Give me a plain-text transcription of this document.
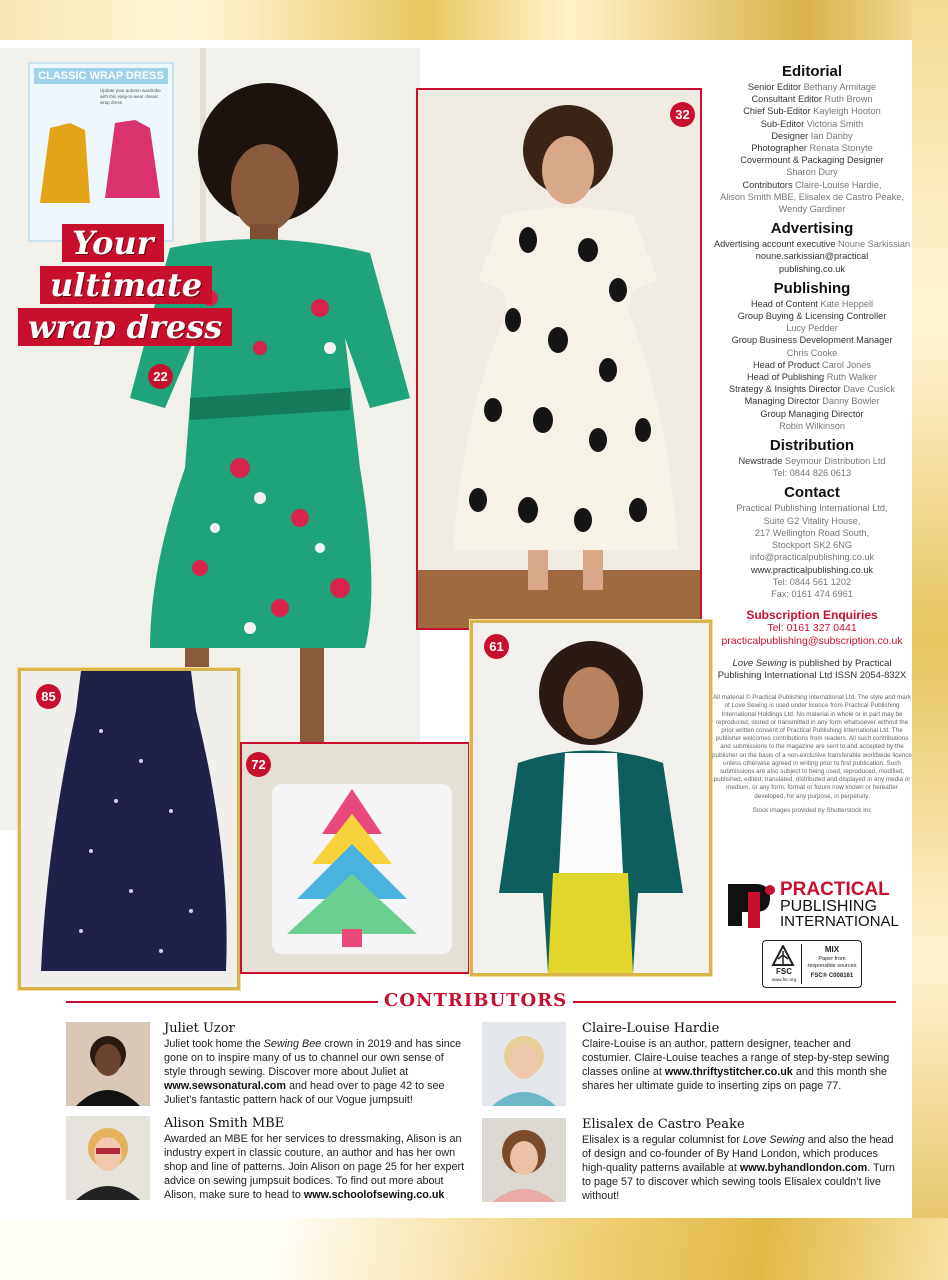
CLASSIC WRAP DRESS
Update your autumn wardrobe with this easy-to-wear classic wrap dress
Your
ultimate
wrap dress
22
32
85
72
61
Editorial
Senior Editor Bethany Armitage
Consultant Editor Ruth Brown
Chief Sub-Editor Kayleigh Hooton
Sub-Editor Victoria Smith
Designer Ian Danby
Photographer Renata Stonyte
Covermount & Packaging Designer
Sharon Dury
Contributors Claire-Louise Hardie,
Alison Smith MBE, Elisalex de Castro Peake,
Wendy Gardiner
Advertising
Advertising account executive Noune Sarkissian
noune.sarkissian@practical
publishing.co.uk
Publishing
Head of Content Kate Heppell
Group Buying & Licensing Controller
Lucy Pedder
Group Business Development Manager
Chris Cooke
Head of Product Carol Jones
Head of Publishing Ruth Walker
Strategy & Insights Director Dave Cusick
Managing Director Danny Bowler
Group Managing Director
Robin Wilkinson
Distribution
Newstrade Seymour Distribution Ltd
Tel: 0844 826 0613
Contact
Practical Publishing International Ltd,
Suite G2 Vitality House,
217 Wellington Road South,
Stockport SK2 6NG
info@practicalpublishing.co.uk
www.practicalpublishing.co.uk
Tel: 0844 561 1202
Fax: 0161 474 6961
Subscription Enquiries
Tel: 0161 327 0441
practicalpublishing@subscription.co.uk
Love Sewing is published by Practical Publishing International Ltd ISSN 2054-832X
All material © Practical Publishing International Ltd. The style and mark of Love Sewing is used under licence from Practical Publishing International Holdings Ltd. No material in whole or in part may be reproduced, stored or transmitted in any form whatsoever without the prior written consent of Practical Publishing International Ltd. The publisher welcomes contributions from readers. All such contributions and submissions to the magazine are sent to and accepted by the publisher on the basis of a non-exclusive transferable worldwide licence unless otherwise agreed in writing prior to first publication. Such submissions are also subject to being used, reproduced, modified, published, edited, translated, distributed and displayed in any media or medium, or any form, format or forum now known or hereafter developed, for any purpose, in perpetuity.
Stock images provided by Shutterstock Inc
PRACTICAL
PUBLISHING
INTERNATIONAL
FSC
www.fsc.org
MIX
Paper from
responsible sources
FSC® C008161
CONTRIBUTORS
Juliet Uzor
Juliet took home the Sewing Bee crown in 2019 and has since gone on to inspire many of us to channel our own sense of style through sewing. Discover more about Juliet at www.sewsonatural.com and head over to page 42 to see Juliet’s fantastic pattern hack of our Vogue jumpsuit!
Claire-Louise Hardie
Claire-Louise is an author, pattern designer, teacher and costumier. Claire-Louise teaches a range of step-by-step sewing classes online at www.thriftystitcher.co.uk and this month she shares her ultimate guide to inserting zips on page 77.
Alison Smith MBE
Awarded an MBE for her services to dressmaking, Alison is an industry expert in classic couture, an author and has her own shop and line of patterns. Join Alison on page 25 for her expert advice on sewing jumpsuit bodices. To find out more about Alison, make sure to head to www.schoolofsewing.co.uk
Elisalex de Castro Peake
Elisalex is a regular columnist for Love Sewing and also the head of design and co-founder of By Hand London, which produces high-quality patterns available at www.byhandlondon.com. Turn to page 57 to discover which sewing tools Elisalex couldn’t live without!
